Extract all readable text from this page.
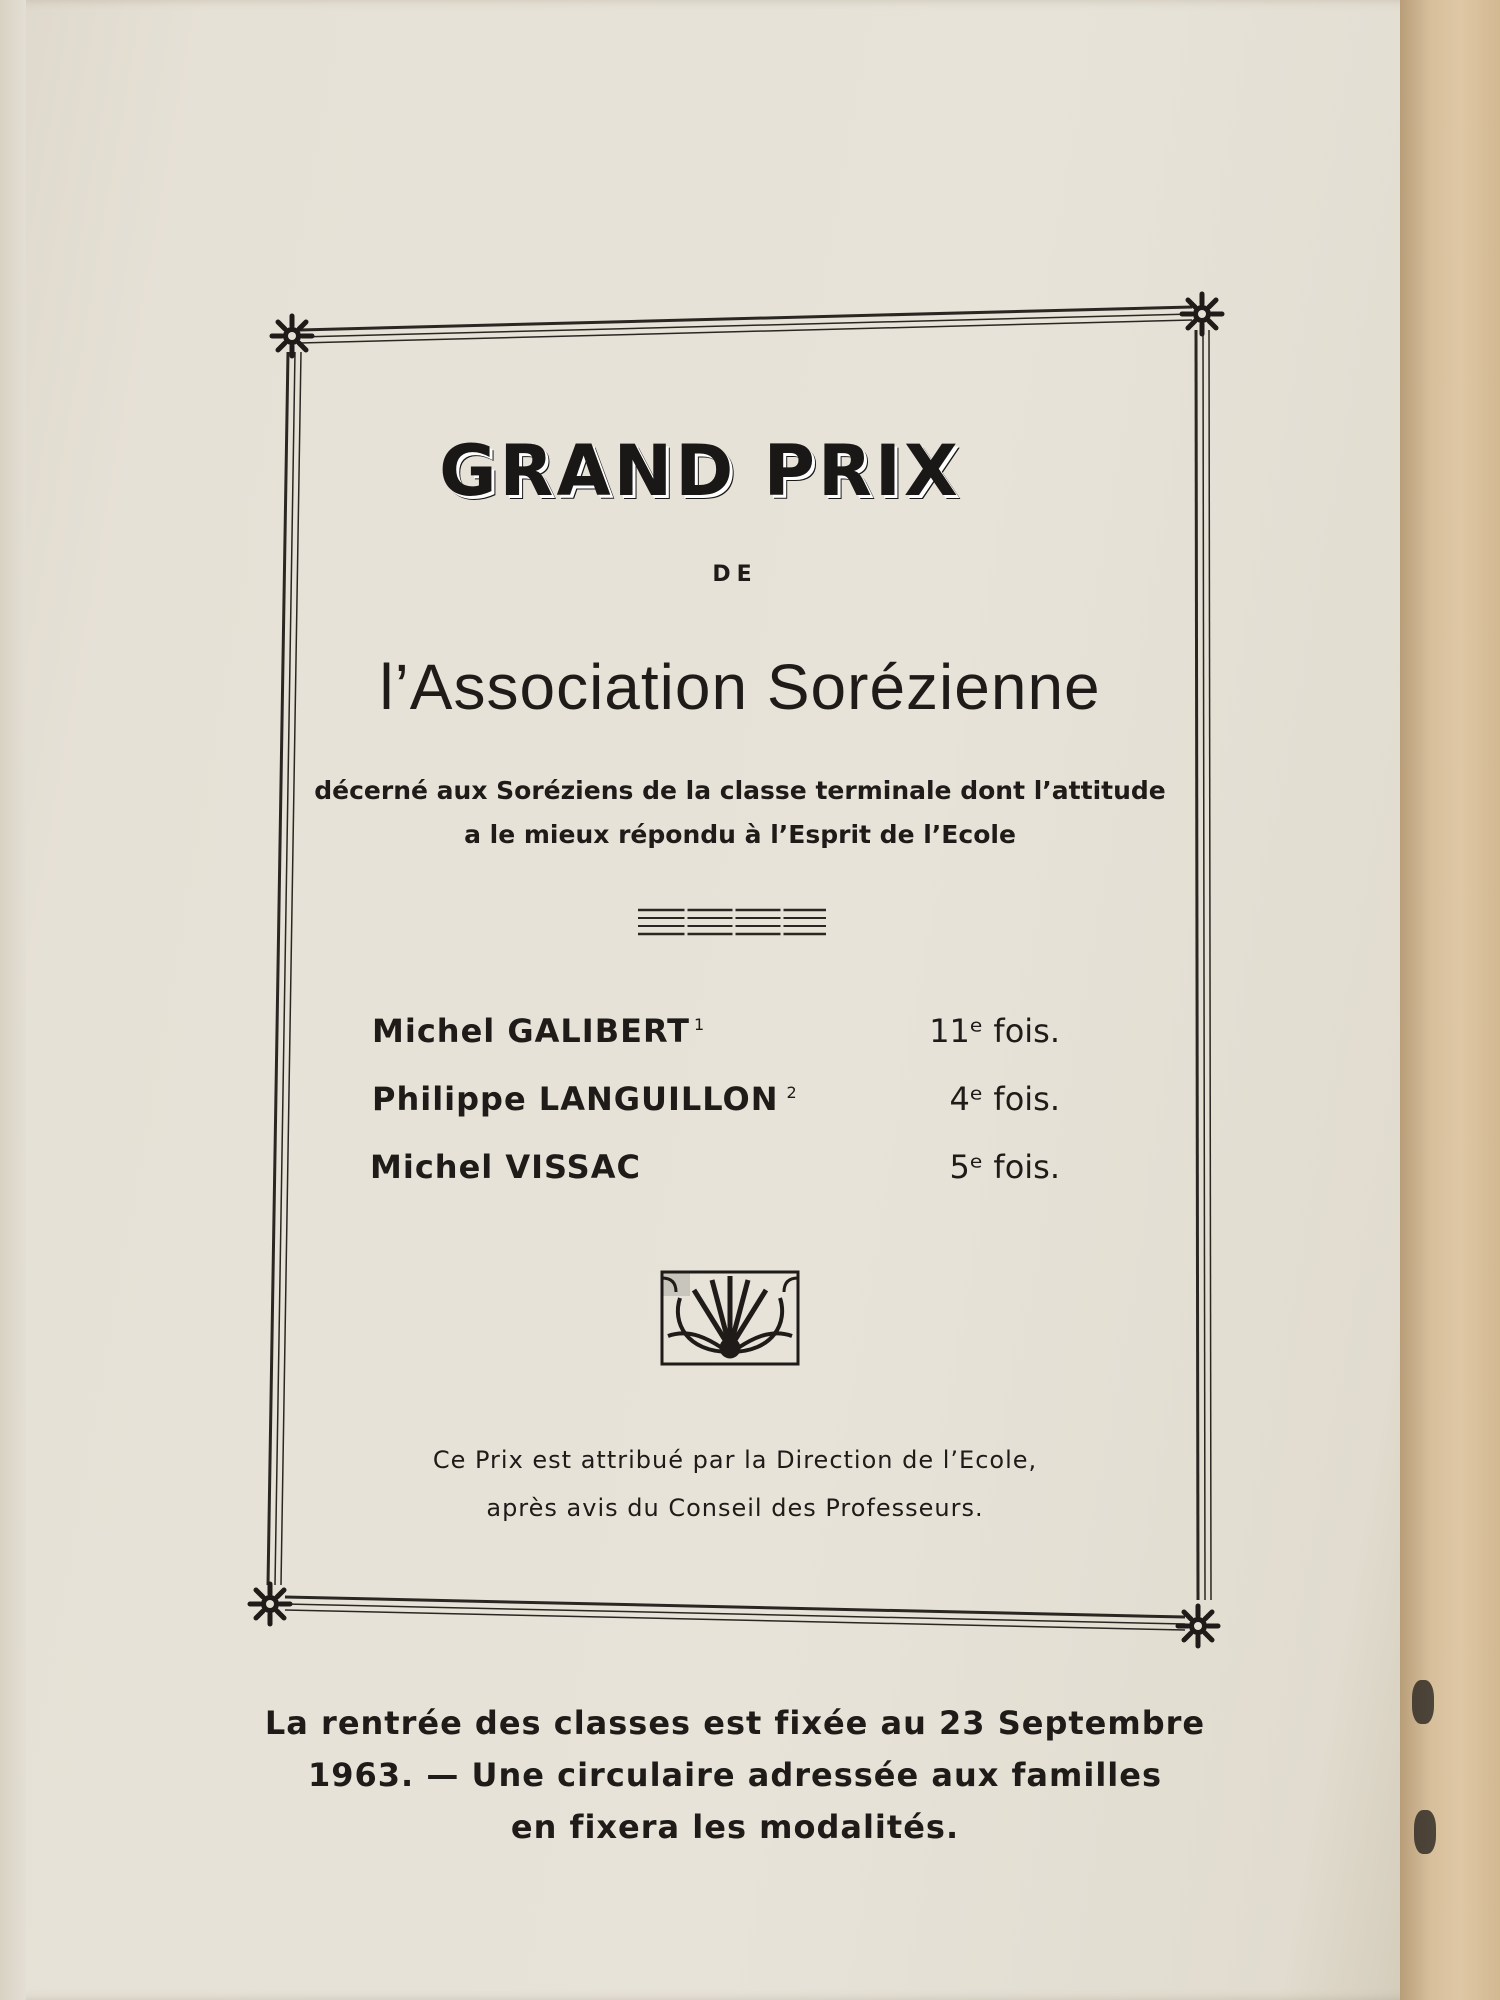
GRAND PRIX

DE

l’Association Sorézienne

décerné aux Soréziens de la classe terminale dont l’attitude

a le mieux répondu à l’Esprit de l’Ecole

Michel GALIBERT $^1$	11ᵉ fois.

Philippe LANGUILLON $^2$	4ᵉ fois.

Michel VISSAC	5ᵉ fois.

Ce Prix est attribué par la Direction de l’Ecole,

après avis du Conseil des Professeurs.

La rentrée des classes est fixée au 23 Septembre

1963. — Une circulaire adressée aux familles

en fixera les modalités.
